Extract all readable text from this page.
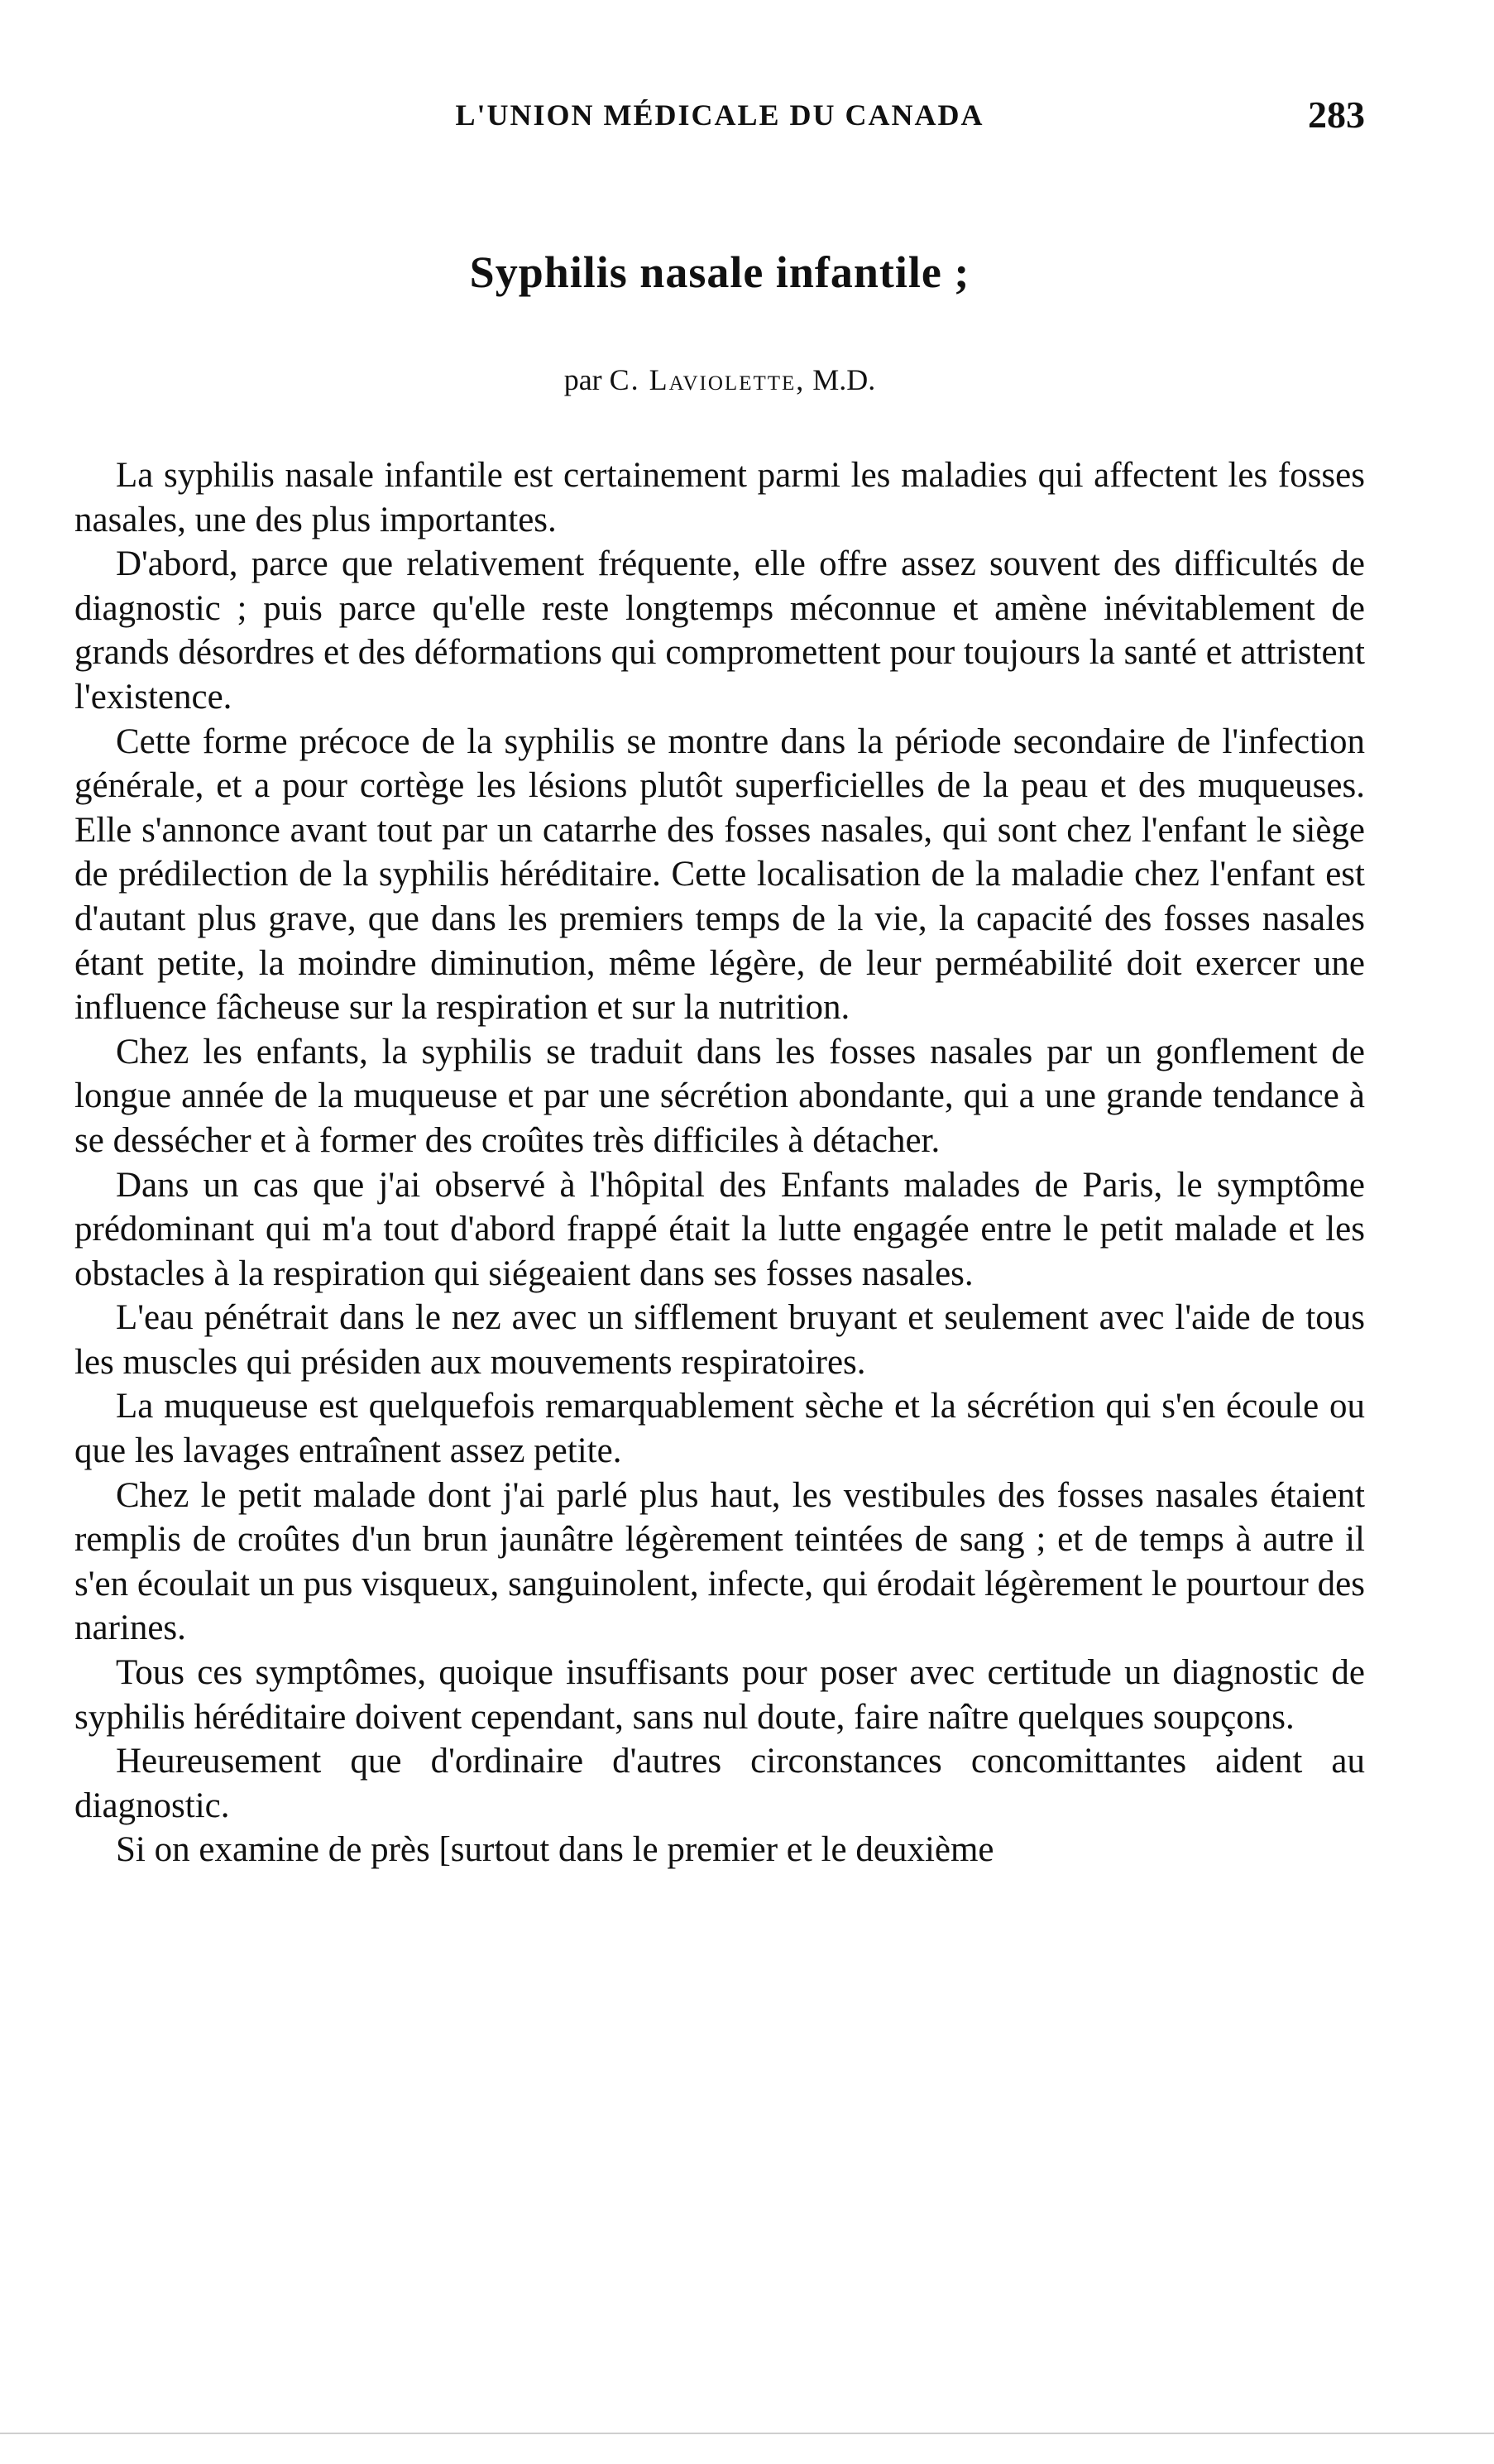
L'UNION MÉDICALE DU CANADA	283
Syphilis nasale infantile ;
par C. Laviolette, M.D.

La syphilis nasale infantile est certainement parmi les maladies qui affectent les fosses nasales, une des plus importantes.

D'abord, parce que relativement fréquente, elle offre assez souvent des difficultés de diagnostic ; puis parce qu'elle reste longtemps méconnue et amène inévitablement de grands désordres et des déformations qui compromettent pour toujours la santé et attristent l'existence.

Cette forme précoce de la syphilis se montre dans la période secondaire de l'infection générale, et a pour cortège les lésions plutôt superficielles de la peau et des muqueuses. Elle s'annonce avant tout par un catarrhe des fosses nasales, qui sont chez l'enfant le siège de prédilection de la syphilis héréditaire. Cette localisation de la maladie chez l'enfant est d'autant plus grave, que dans les premiers temps de la vie, la capacité des fosses nasales étant petite, la moindre diminution, même légère, de leur perméabilité doit exercer une influence fâcheuse sur la respiration et sur la nutrition.

Chez les enfants, la syphilis se traduit dans les fosses nasales par un gonflement de longue année de la muqueuse et par une sécrétion abondante, qui a une grande tendance à se dessécher et à former des croûtes très difficiles à détacher.

Dans un cas que j'ai observé à l'hôpital des Enfants malades de Paris, le symptôme prédominant qui m'a tout d'abord frappé était la lutte engagée entre le petit malade et les obstacles à la respiration qui siégeaient dans ses fosses nasales.

L'eau pénétrait dans le nez avec un sifflement bruyant et seulement avec l'aide de tous les muscles qui présiden aux mouvements respiratoires.

La muqueuse est quelquefois remarquablement sèche et la sécrétion qui s'en écoule ou que les lavages entraînent assez petite.

Chez le petit malade dont j'ai parlé plus haut, les vestibules des fosses nasales étaient remplis de croûtes d'un brun jaunâtre légèrement teintées de sang ; et de temps à autre il s'en écoulait un pus visqueux, sanguinolent, infecte, qui érodait légèrement le pourtour des narines.

Tous ces symptômes, quoique insuffisants pour poser avec certitude un diagnostic de syphilis héréditaire doivent cependant, sans nul doute, faire naître quelques soupçons.

Heureusement que d'ordinaire d'autres circonstances concomittantes aident au diagnostic.

Si on examine de près [surtout dans le premier et le deuxième
